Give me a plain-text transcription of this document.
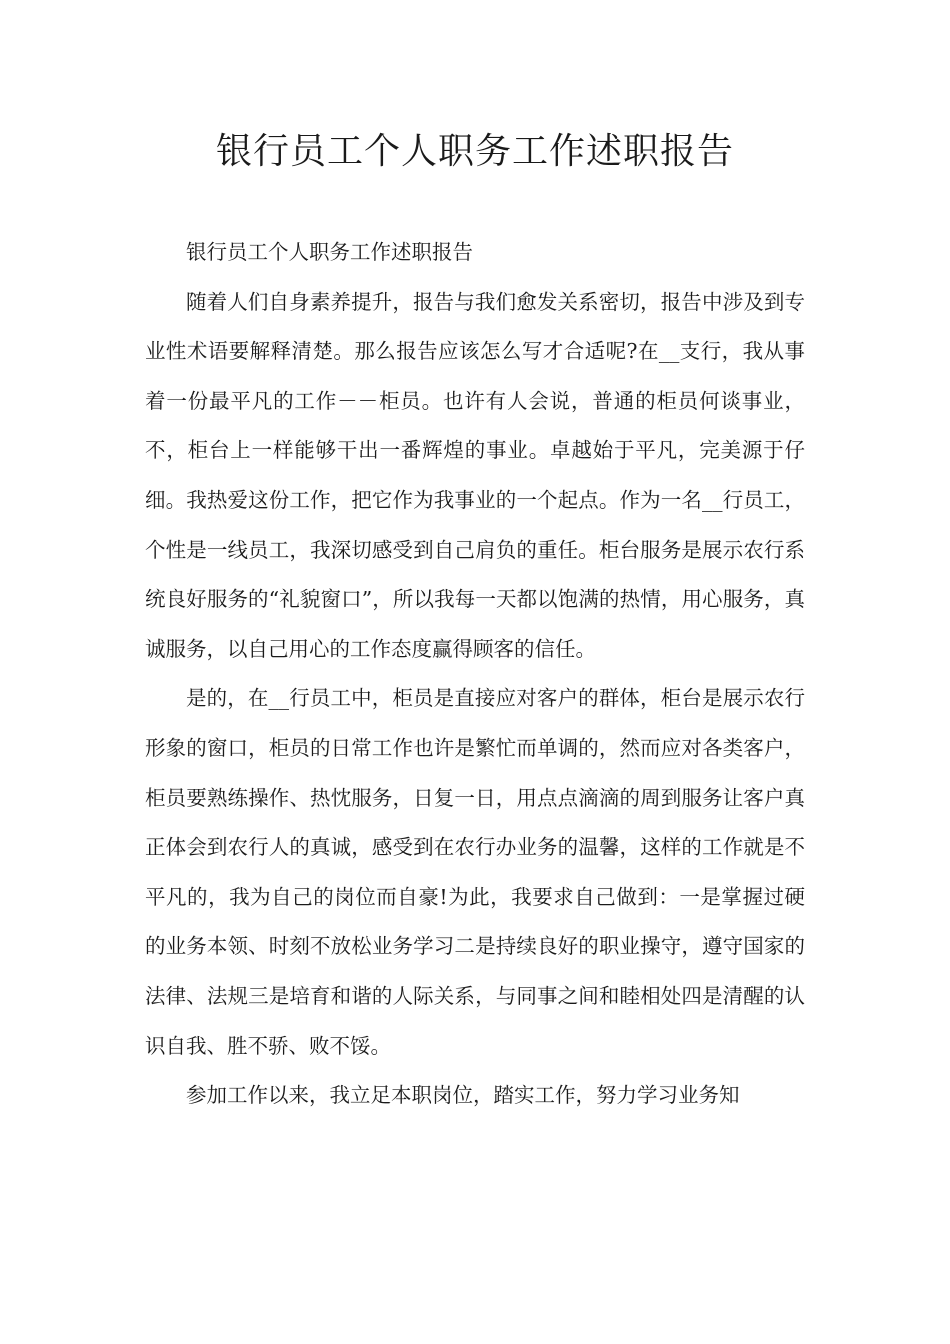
银行员工个人职务工作述职报告

银行员工个人职务工作述职报告

随着人们自身素养提升，报告与我们愈发关系密切，报告中涉及到专业性术语要解释清楚。那么报告应该怎么写才合适呢?在__支行，我从事着一份最平凡的工作－－柜员。也许有人会说，普通的柜员何谈事业，不，柜台上一样能够干出一番辉煌的事业。卓越始于平凡，完美源于仔细。我热爱这份工作，把它作为我事业的一个起点。作为一名__行员工，个性是一线员工，我深切感受到自己肩负的重任。柜台服务是展示农行系统良好服务的“礼貌窗口”，所以我每一天都以饱满的热情，用心服务，真诚服务，以自己用心的工作态度赢得顾客的信任。

是的，在__行员工中，柜员是直接应对客户的群体，柜台是展示农行形象的窗口，柜员的日常工作也许是繁忙而单调的，然而应对各类客户，柜员要熟练操作、热忱服务，日复一日，用点点滴滴的周到服务让客户真正体会到农行人的真诚，感受到在农行办业务的温馨，这样的工作就是不平凡的，我为自己的岗位而自豪!为此，我要求自己做到：一是掌握过硬的业务本领、时刻不放松业务学习二是持续良好的职业操守，遵守国家的法律、法规三是培育和谐的人际关系，与同事之间和睦相处四是清醒的认识自我、胜不骄、败不馁。

参加工作以来，我立足本职岗位，踏实工作，努力学习业务知
